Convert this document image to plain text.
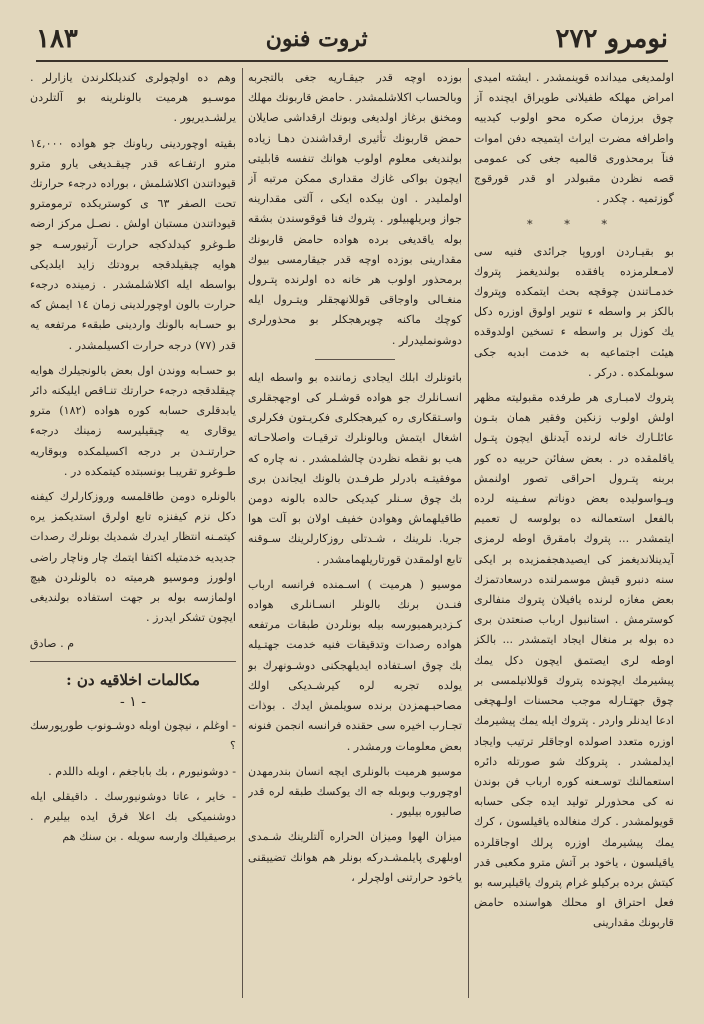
نومرو ٢٧٢
ثروت فنون
١٨٣

اولمديغى ميدانده قوينمشدر . ايشته اميدى امراض مهلكه طفيلانى طويراق ايچنده آز چوق برزمان صكره محو اولوب كيدييه واطرافه مضرت ايراث ايتميجه دفن اموات فنآ برمحذورى قالميه جغى كى عمومى قصه نظردن مقبولدر او قدر قورقوج گوزتميه . چكدر .

* * *

بو بقيـاردن اوروپا جرائدى فنيه سى لامـعلرمزده يافقده بولنديغمز پتروك خدمـاتندن چوقچه بحث ايتمكده وپتروك بالكز بر واسطه ء تنوير اولوق اوزره دكل يك كوزل بر واسطه ء تسخين اولدوقده هيئت اجتماعيه به خدمت ابديه جكى سوبلمكده . دركر .

پتروك لامبـارى هر طرفده مقبوليته مظهر اولش اولوب زنكين وفقير همان بتـون عائلـارك خانه لرنده آيدنلق ايچون پتـول ياقلمقده در . بعض سفائن حربيه ده كور بربنه پتـرول احراقى تصور اولنمش وپـواسوليده بعض دوناتم سفـينه لرده بالفعل استعمالنه ده بولوسه ل تعميم ايتمشدر ... پتروك بامقرق اوطه لرمزى آيدينلانديغمز كى ايصيدهجفمزيده بر ايكى سنه دنبرو قيش موسمرلنده درسعادتمزك بعض مغازه لرنده يافيلان پتروك منفالرى كوسترمش . استانبول ارباب صنعتدن برى ده بوله بر منغال ايجاد ايتمشدر ... بالكز اوطه لرى ايصتمق ايچون دكل يمك پيشيرمك ايچونده پتروك قوللانيلمسى بر چوق جهتـارله موجب محسنات اولـهچغى ادعا ايدنلر واردر . پتروك ايله يمك پيشيرمك اوزره متعدد اصولده اوجاقلر ترتيب وايجاد ايدلمشدر . پتروكك شو صورتله دائره استعمالنك توسـعنه كوره ارباب فن بوندن نه كى محذورلر توليد ايده جكى حسابه قويولمشدر . كرك منغالده ياقيلسون ، كرك يمك پيشيرمك اوزره پرلك اوجاقلرده ياقيلسون ، ياخود بر آتش مترو مكعبى قدر كيتش برده بركيلو غرام پتروك ياقيليرسه بو فعل احتراق او محلك هواسنده حامض قاربونك مقدارينى

بوزده اوچه قدر جيقـاريه جغى بالتجربه وبالحساب اكلاشلمشدر . حامض قاربونك مهلك ومخنق برغاز اولديغى وبونك ارقداشى صايلان حمض قاربونك تأثيرى ارقداشندن دهـا زياده بولنديغى معلوم اولوب هوانك تنفسه قابليتى ايچون بواكى غازك مقدارى ممكن مرتبه آز اولمليدر . اون بيكده ايكى ، آلتى مقدارينه جواز وبريلهبيلور . پتروك فنا قوقوسندن بشقه بوله ياقديغى برده هواده حامض قاربونك مقدارينى بوزده اوچه قدر جيقارمسى بيوك برمحذور اولوب هر خانه ده اولرنده پتـرول منغـالى واوجاقى قوللانهجقلر ويتـرول ايله كوچك ماكنه چويرهجكلر بو محذورلرى دوشونمليدرلر .

باتونلرك ابلك ايجادى زماننده بو واسطه ايله انسـانلرك جو هواده قوشـلر كى اوجهجقلرى واسـتقكارى ره كيرهجكلرى فكريـتون فكرلرى اشغال ايتمش وبالونلرك ترقيـات واصلاحـاته هب بو نقطه نظردن چالشلمشدر . نه چاره كه موفقيتـه بادرلر طرفـدن بالونك ايجاندن برى بك چوق سـنلر كيديكى حالده بالونه دومن طاقيلهماش وهوادن خفيف اولان بو آلت هوا جريا. نلرينك ، شـدتلى روزكارلرينك سـوقنه تابع اولمقدن قورتاريلهمامشدر .

موسيو ( هرميت ) اسـمنده فرانسه ارباب فنـدن برنك بالونلر انسـانلرى هواده كـزديرهميورسه بيله بونلردن طبقات مرتفعه هواده رصدات وتدقيقات فنيه خدمت جهتـيله بك چوق اسـتفاده ايديلهجكنى دوشـونهرك بو يولده تجربه لره كيرشـديكى اولك مصاحبـهمزدن برنده سويلمش ايدك . بوذات تجـارب اخيره سى حقنده فرانسه انجمن فنونه بعض معلومات ورمشدر .

موسيو هرميت بالونلرى ايچه انسان بندرمهدن اوچوروب وبوبله جه اك يوكسك طبقه لره قدر صاليوره بيليور .

ميزان الهوا وميزان الحراره آلتلرينك شـمدى اوبلهرى پايلمشـدركه بونلر هم هوانك تضييقنى ياخود حرارتنى اولچرلر ،

وهم ده اولچولرى كنديلكلرندن يازارلر . موسـيو هرميت بالونلرينه بو آلتلردن يرلشـديريور .

بقيته اوچوردينى رباونك جو هواده ١٤,٠٠٠ مترو ارتفـاعه قدر چيقـديغى يارو مترو قيوداتندن اكلاشلمش ، بوراده درجهء حرارتك تحت الصفر ٦٣ ى كوستريكده ترمومترو قيوداتندن مستبان اولش . نصـل مركز ارضه طـوغرو كيدلدكجه حرارت آرتيورسـه جو هوايه چيقيلدقجه برودتك زايد ايلديكى بواسطه ايله اكلاشلمشدر . زمينده درجهء حرارت بالون اوچورلدينى زمان ١٤ ايمش كه بو حسـابه بالونك واردينى طبقهء مرتفعه يه قدر (٧٧) درجه حرارت اكسيلمشدر .

بو حسـابه ووندن اول بعض بالونجيلرك هوايه چيقلدقجه درجهء حرارتك تنـاقص ايليكنه دائر يابدقلرى حسابه كوره هواده (١٨٢) مترو يوقارى يه چيقيليرسه زمينك درجهء حرارتنـدن بر درجه اكسيلمكده وبوقاريه طـوغرو تقريبـا بونسبتده كيتمكده در .

بالونلره دومن طاقلمسه وروزكارلرك كيفنه دكل نزم كيفنزه تابع اولرق استديكمز يره كيتمـنه انتظار ايدرك شمديك بونلرك رصدات جديديه خدمتيله اكتفا ايتمك چار وناچار راضى اولورز وموسيو هرميته ده بالونلردن هيچ اولمازسه بوله بر جهت استفاده بولنديغى ايچون تشكر ايدرز .

م . صادق
مكالمات اخلاقيه دن :
- ١ -

- اوغلم ، نيچون اوبله دوشـونوب طورپورسك ؟

- دوشونيورم ، بك باباجغم ، اوبله داللدم .

- خاير ، عاتا دوشونيورسك . داقيقلى ايله دوشنميكى بك اعلا فرق ايده بيليرم . برصيقيلك وارسه سويله . بن سنك هم
